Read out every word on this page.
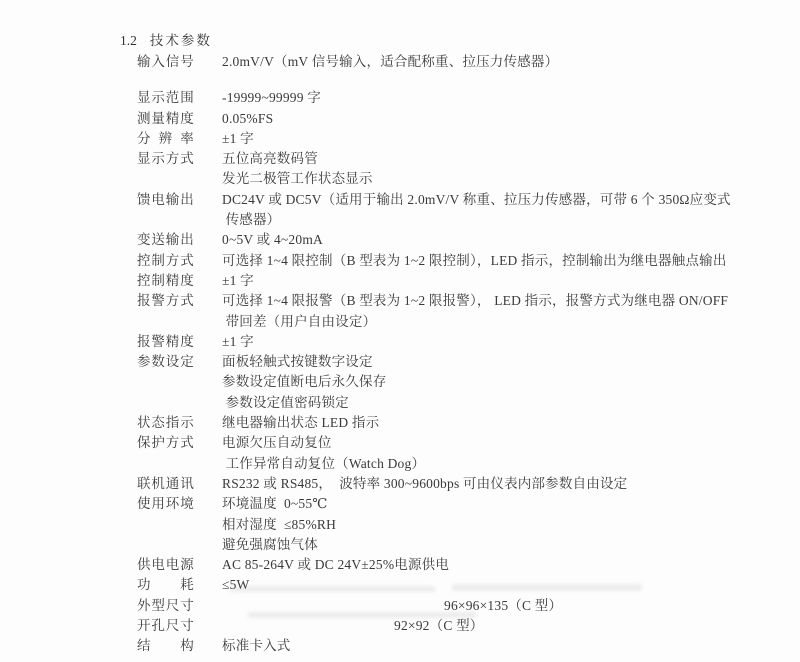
1.2 技术参数
输入信号 2.0mV/V（mV 信号输入，适合配称重、拉压力传感器）
显示范围 -19999~99999 字
测量精度 0.05%FS
分辨率 ±1 字
显示方式 五位高亮数码管
发光二极管工作状态显示
馈电输出 DC24V 或 DC5V（适用于输出 2.0mV/V 称重、拉压力传感器，可带 6 个 350Ω应变式
传感器）
变送输出 0~5V 或 4~20mA
控制方式 可选择 1~4 限控制（B 型表为 1~2 限控制），LED 指示，控制输出为继电器触点输出
控制精度 ±1 字
报警方式 可选择 1~4 限报警（B 型表为 1~2 限报警）， LED 指示，报警方式为继电器 ON/OFF
带回差（用户自由设定）
报警精度 ±1 字
参数设定 面板轻触式按键数字设定
参数设定值断电后永久保存
参数设定值密码锁定
状态指示 继电器输出状态 LED 指示
保护方式 电源欠压自动复位
工作异常自动复位（Watch Dog）
联机通讯 RS232 或 RS485，  波特率 300~9600bps 可由仪表内部参数自由设定
使用环境 环境温度  0~55℃
相对湿度  ≤85%RH
避免强腐蚀气体
供电电源 AC 85-264V 或 DC 24V±25%电源供电
功耗 ≤5W
外型尺寸	96×96×135（C 型）
开孔尺寸	92×92（C 型）
结构 标准卡入式
